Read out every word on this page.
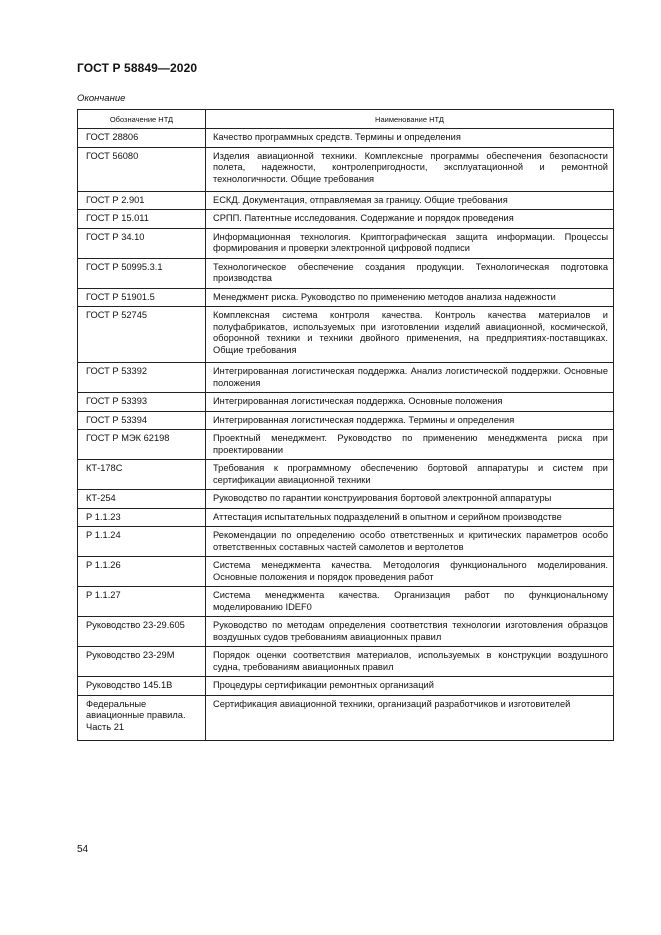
ГОСТ Р 58849—2020
Окончание
Обозначение НТД	Наименование НТД
ГОСТ 28806	Качество программных средств. Термины и определения
ГОСТ 56080	Изделия авиационной техники. Комплексные программы обеспечения безопасности полета, надежности, контролепригодности, эксплуатационной и ремонтной технологичности. Общие требования
ГОСТ Р 2.901	ЕСКД. Документация, отправляемая за границу. Общие требования
ГОСТ Р 15.011	СРПП. Патентные исследования. Содержание и порядок проведения
ГОСТ Р 34.10	Информационная технология. Криптографическая защита информации. Процессы формирования и проверки электронной цифровой подписи
ГОСТ Р 50995.3.1	Технологическое обеспечение создания продукции. Технологическая подготовка производства
ГОСТ Р 51901.5	Менеджмент риска. Руководство по применению методов анализа надежности
ГОСТ Р 52745	Комплексная система контроля качества. Контроль качества материалов и полуфабрикатов, используемых при изготовлении изделий авиационной, космической, оборонной техники и техники двойного применения, на предприятиях-поставщиках. Общие требования
ГОСТ Р 53392	Интегрированная логистическая поддержка. Анализ логистической поддержки. Основные положения
ГОСТ Р 53393	Интегрированная логистическая поддержка. Основные положения
ГОСТ Р 53394	Интегрированная логистическая поддержка. Термины и определения
ГОСТ Р МЭК 62198	Проектный менеджмент. Руководство по применению менеджмента риска при проектировании
КТ-178С	Требования к программному обеспечению бортовой аппаратуры и систем при сертификации авиационной техники
КТ-254	Руководство по гарантии конструирования бортовой электронной аппаратуры
Р 1.1.23	Аттестация испытательных подразделений в опытном и серийном производстве
Р 1.1.24	Рекомендации по определению особо ответственных и критических параметров особо ответственных составных частей самолетов и вертолетов
Р 1.1.26	Система менеджмента качества. Методология функционального моделирования. Основные положения и порядок проведения работ
Р 1.1.27	Система менеджмента качества. Организация работ по функциональному моделированию IDEF0
Руководство 23-29.605	Руководство по методам определения соответствия технологии изготовления образцов воздушных судов требованиям авиационных правил
Руководство 23-29М	Порядок оценки соответствия материалов, используемых в конструкции воздушного судна, требованиям авиационных правил
Руководство 145.1В	Процедуры сертификации ремонтных организаций
Федеральные авиационные правила. Часть 21	Сертификация авиационной техники, организаций разработчиков и изготовителей
54
